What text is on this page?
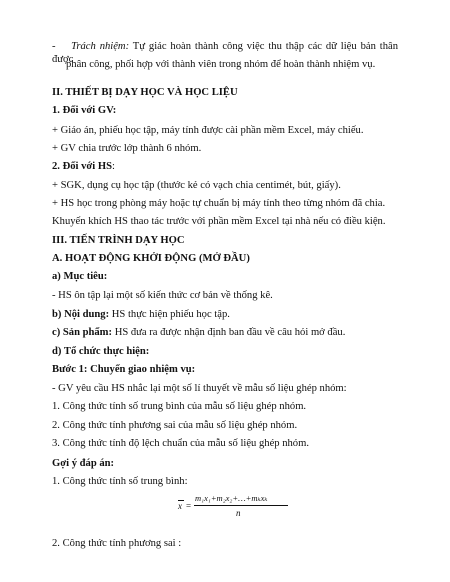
- Trách nhiệm: Tự giác hoàn thành công việc thu thập các dữ liệu bản thân được
phân công, phối hợp với thành viên trong nhóm để hoàn thành nhiệm vụ.
II. THIẾT BỊ DẠY HỌC VÀ HỌC LIỆU
1. Đối với GV:
+ Giáo án, phiếu học tập, máy tính được cài phần mềm Excel, máy chiếu.
+ GV chia trước lớp thành 6 nhóm.
2. Đối với HS:
+ SGK, dụng cụ học tập (thước kẻ có vạch chia centimét, bút, giấy).
+ HS học trong phòng máy hoặc tự chuẩn bị máy tính theo từng nhóm đã chia.
Khuyến khích HS thao tác trước với phần mềm Excel tại nhà nếu có điều kiện.
III. TIẾN TRÌNH DẠY HỌC
A. HOẠT ĐỘNG KHỞI ĐỘNG (MỞ ĐẦU)
a) Mục tiêu:
- HS ôn tập lại một số kiến thức cơ bản về thống kê.
b) Nội dung: HS thực hiện phiếu học tập.
c) Sản phẩm: HS đưa ra được nhận định ban đầu về câu hỏi mở đầu.
d) Tổ chức thực hiện:
Bước 1: Chuyển giao nhiệm vụ:
- GV yêu cầu HS nhắc lại một số lí thuyết về mẫu số liệu ghép nhóm:
1. Công thức tính số trung bình của mẫu số liệu ghép nhóm.
2. Công thức tính phương sai của mẫu số liệu ghép nhóm.
3. Công thức tính độ lệch chuẩn của mẫu số liệu ghép nhóm.
Gợi ý đáp án:
1. Công thức tính số trung bình:
x =
m₁x₁+m₂x₂+…+mₖxₖ
n
2. Công thức tính phương sai :
